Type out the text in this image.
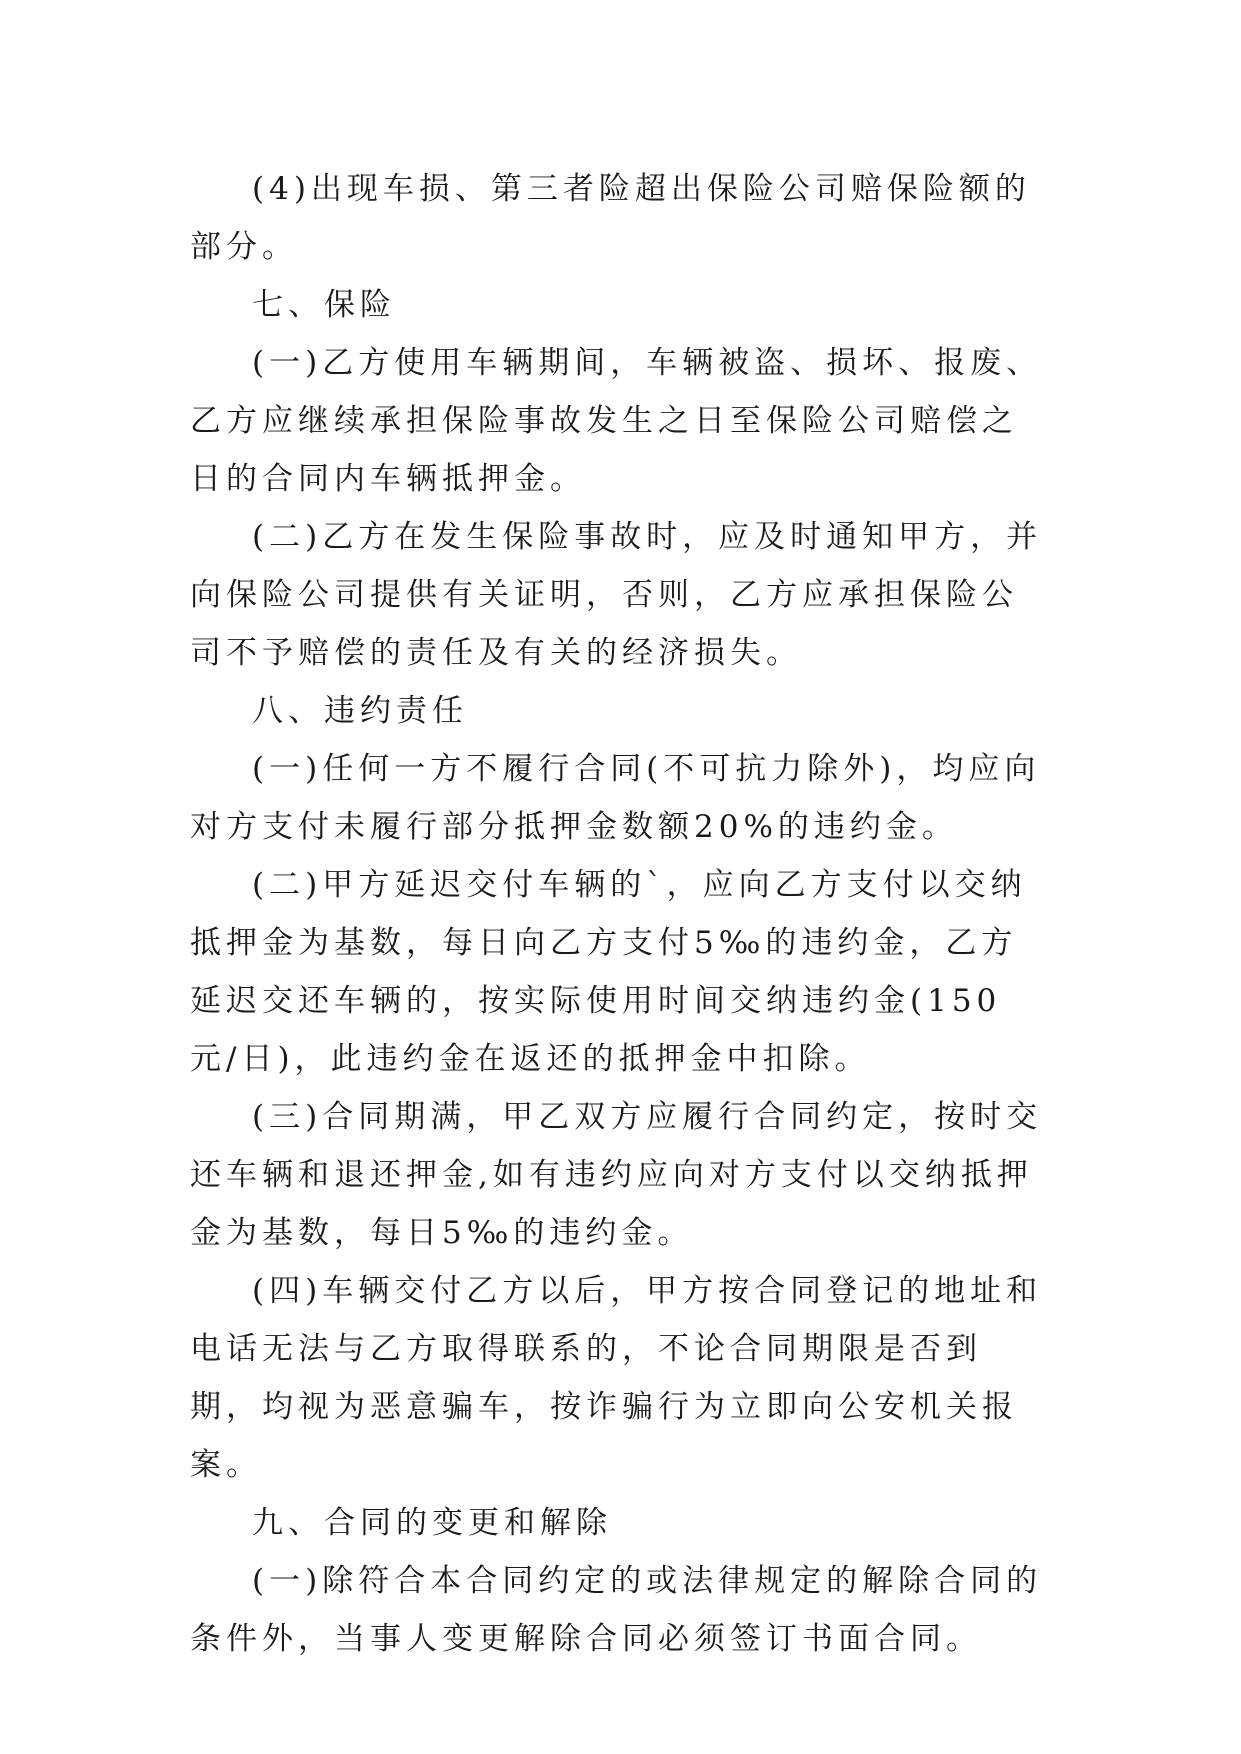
(4)出现车损、第三者险超出保险公司赔保险额的部分。

七、保险

(一)乙方使用车辆期间，车辆被盗、损坏、报废、乙方应继续承担保险事故发生之日至保险公司赔偿之日的合同内车辆抵押金。

(二)乙方在发生保险事故时，应及时通知甲方，并向保险公司提供有关证明，否则，乙方应承担保险公司不予赔偿的责任及有关的经济损失。

八、违约责任

(一)任何一方不履行合同(不可抗力除外)，均应向对方支付未履行部分抵押金数额20%的违约金。

(二)甲方延迟交付车辆的`，应向乙方支付以交纳抵押金为基数，每日向乙方支付5‰的违约金，乙方延迟交还车辆的，按实际使用时间交纳违约金(150元/日)，此违约金在返还的抵押金中扣除。

(三)合同期满，甲乙双方应履行合同约定，按时交还车辆和退还押金,如有违约应向对方支付以交纳抵押金为基数，每日5‰的违约金。

(四)车辆交付乙方以后，甲方按合同登记的地址和电话无法与乙方取得联系的，不论合同期限是否到期，均视为恶意骗车，按诈骗行为立即向公安机关报案。

九、合同的变更和解除

(一)除符合本合同约定的或法律规定的解除合同的条件外，当事人变更解除合同必须签订书面合同。
